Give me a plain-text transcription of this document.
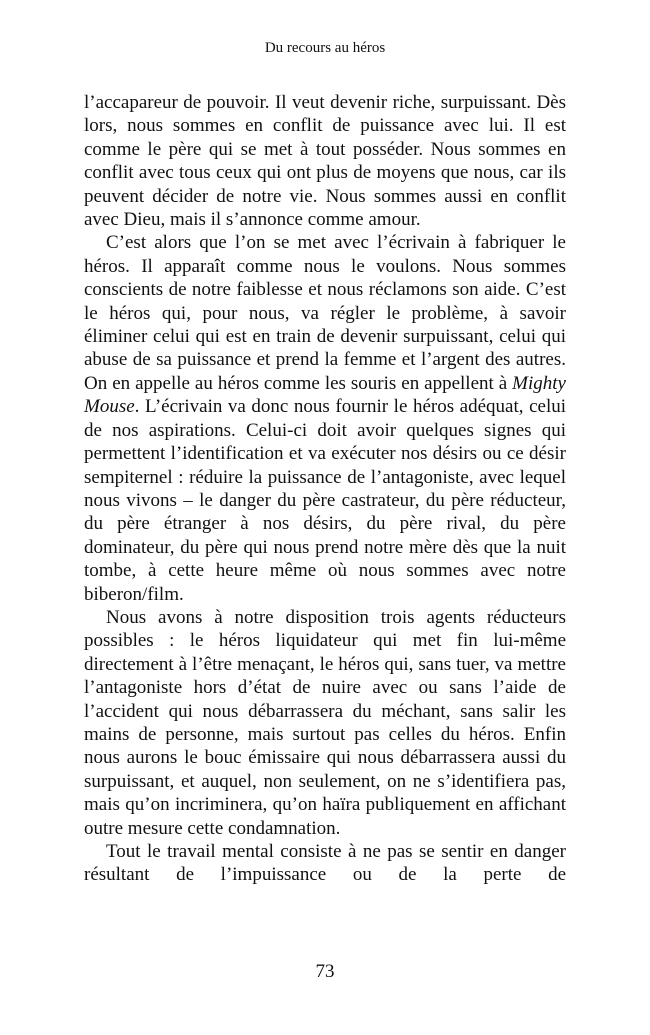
Du recours au héros

l’accapareur de pouvoir. Il veut devenir riche, surpuissant. Dès lors, nous sommes en conflit de puissance avec lui. Il est comme le père qui se met à tout posséder. Nous sommes en conflit avec tous ceux qui ont plus de moyens que nous, car ils peuvent décider de notre vie. Nous sommes aussi en conflit avec Dieu, mais il s’annonce comme amour.

C’est alors que l’on se met avec l’écrivain à fabriquer le héros. Il apparaît comme nous le voulons. Nous sommes conscients de notre faiblesse et nous réclamons son aide. C’est le héros qui, pour nous, va régler le problème, à savoir éliminer celui qui est en train de devenir surpuissant, celui qui abuse de sa puissance et prend la femme et l’argent des autres. On en appelle au héros comme les souris en appellent à Mighty Mouse. L’écrivain va donc nous fournir le héros adéquat, celui de nos aspirations. Celui-ci doit avoir quelques signes qui permettent l’identification et va exécuter nos désirs ou ce désir sempiternel : réduire la puissance de l’antagoniste, avec lequel nous vivons – le danger du père castrateur, du père réducteur, du père étranger à nos désirs, du père rival, du père dominateur, du père qui nous prend notre mère dès que la nuit tombe, à cette heure même où nous sommes avec notre biberon/film.

Nous avons à notre disposition trois agents réducteurs possibles : le héros liquidateur qui met fin lui-même directement à l’être menaçant, le héros qui, sans tuer, va mettre l’antagoniste hors d’état de nuire avec ou sans l’aide de l’accident qui nous débarrassera du méchant, sans salir les mains de personne, mais surtout pas celles du héros. Enfin nous aurons le bouc émissaire qui nous débarrassera aussi du surpuissant, et auquel, non seulement, on ne s’identifiera pas, mais qu’on incriminera, qu’on haïra publiquement en affichant outre mesure cette condamnation.

Tout le travail mental consiste à ne pas se sentir en danger résultant de l’impuissance ou de la perte de

73
